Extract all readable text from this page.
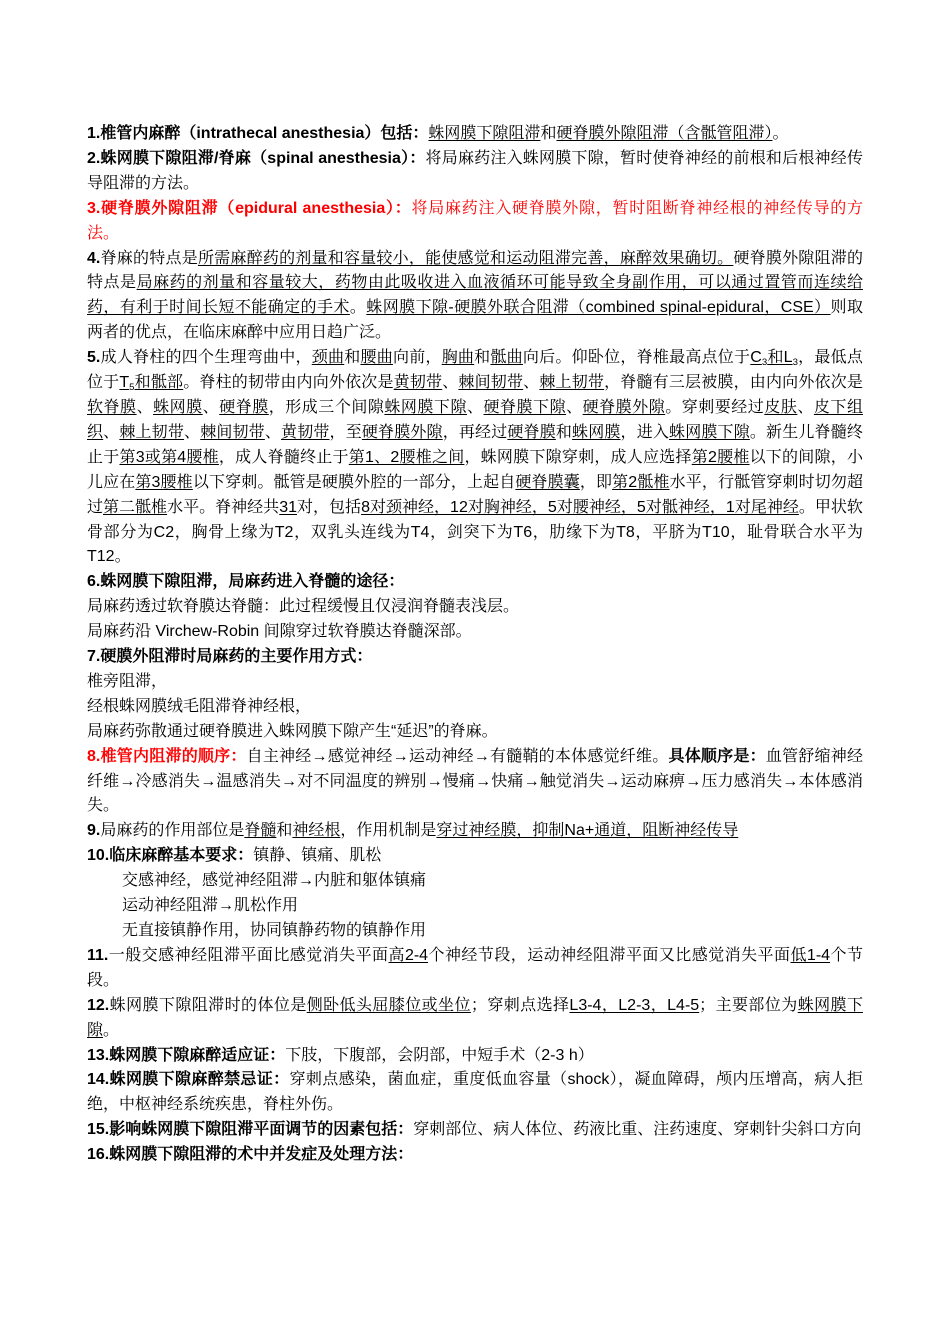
1.椎管内麻醉（intrathecal anesthesia）包括：蛛网膜下隙阻滞和硬脊膜外隙阻滞（含骶管阻滞）。

2.蛛网膜下隙阻滞/脊麻（spinal anesthesia）：将局麻药注入蛛网膜下隙，暂时使脊神经的前根和后根神经传导阻滞的方法。

3.硬脊膜外隙阻滞（epidural anesthesia）：将局麻药注入硬脊膜外隙，暂时阻断脊神经根的神经传导的方法。

4.脊麻的特点是所需麻醉药的剂量和容量较小，能使感觉和运动阻滞完善，麻醉效果确切。硬脊膜外隙阻滞的特点是局麻药的剂量和容量较大，药物由此吸收进入血液循环可能导致全身副作用，可以通过置管而连续给药，有利于时间长短不能确定的手术。蛛网膜下隙-硬膜外联合阻滞（combined spinal-epidural，CSE）则取两者的优点，在临床麻醉中应用日趋广泛。

5.成人脊柱的四个生理弯曲中，颈曲和腰曲向前，胸曲和骶曲向后。仰卧位，脊椎最高点位于$C_3$和$L_3$，最低点位于$T_5$和骶部。脊柱的韧带由内向外依次是黄韧带、棘间韧带、棘上韧带，脊髓有三层被膜，由内向外依次是软脊膜、蛛网膜、硬脊膜，形成三个间隙蛛网膜下隙、硬脊膜下隙、硬脊膜外隙。穿刺要经过皮肤、皮下组织、棘上韧带、棘间韧带、黄韧带，至硬脊膜外隙，再经过硬脊膜和蛛网膜，进入蛛网膜下隙。新生儿脊髓终止于第3或第4腰椎，成人脊髓终止于第1、2腰椎之间，蛛网膜下隙穿刺，成人应选择第2腰椎以下的间隙，小儿应在第3腰椎以下穿刺。骶管是硬膜外腔的一部分，上起自硬脊膜囊，即第2骶椎水平，行骶管穿刺时切勿超过第二骶椎水平。脊神经共31对，包括8对颈神经，12对胸神经，5对腰神经，5对骶神经，1对尾神经。甲状软骨部分为C2，胸骨上缘为T2，双乳头连线为T4，剑突下为T6，肋缘下为T8，平脐为T10，耻骨联合水平为T12。

6.蛛网膜下隙阻滞，局麻药进入脊髓的途径：

局麻药透过软脊膜达脊髓：此过程缓慢且仅浸润脊髓表浅层。

局麻药沿 Virchew-Robin 间隙穿过软脊膜达脊髓深部。

7.硬膜外阻滞时局麻药的主要作用方式：

椎旁阻滞，

经根蛛网膜绒毛阻滞脊神经根，

局麻药弥散通过硬脊膜进入蛛网膜下隙产生“延迟”的脊麻。

8.椎管内阻滞的顺序：自主神经→感觉神经→运动神经→有髓鞘的本体感觉纤维。具体顺序是：血管舒缩神经纤维→冷感消失→温感消失→对不同温度的辨别→慢痛→快痛→触觉消失→运动麻痹→压力感消失→本体感消失。

9.局麻药的作用部位是脊髓和神经根，作用机制是穿过神经膜，抑制Na+通道，阻断神经传导

10.临床麻醉基本要求：镇静、镇痛、肌松

交感神经，感觉神经阻滞→内脏和躯体镇痛

运动神经阻滞→肌松作用

无直接镇静作用，协同镇静药物的镇静作用

11.一般交感神经阻滞平面比感觉消失平面高2-4个神经节段，运动神经阻滞平面又比感觉消失平面低1-4个节段。

12.蛛网膜下隙阻滞时的体位是侧卧低头屈膝位或坐位；穿刺点选择L3-4，L2-3，L4-5；主要部位为蛛网膜下隙。

13.蛛网膜下隙麻醉适应证：下肢，下腹部，会阴部，中短手术（2-3 h）

14.蛛网膜下隙麻醉禁忌证：穿刺点感染，菌血症，重度低血容量（shock），凝血障碍，颅内压增高，病人拒绝，中枢神经系统疾患，脊柱外伤。

15.影响蛛网膜下隙阻滞平面调节的因素包括：穿刺部位、病人体位、药液比重、注药速度、穿刺针尖斜口方向

16.蛛网膜下隙阻滞的术中并发症及处理方法：
